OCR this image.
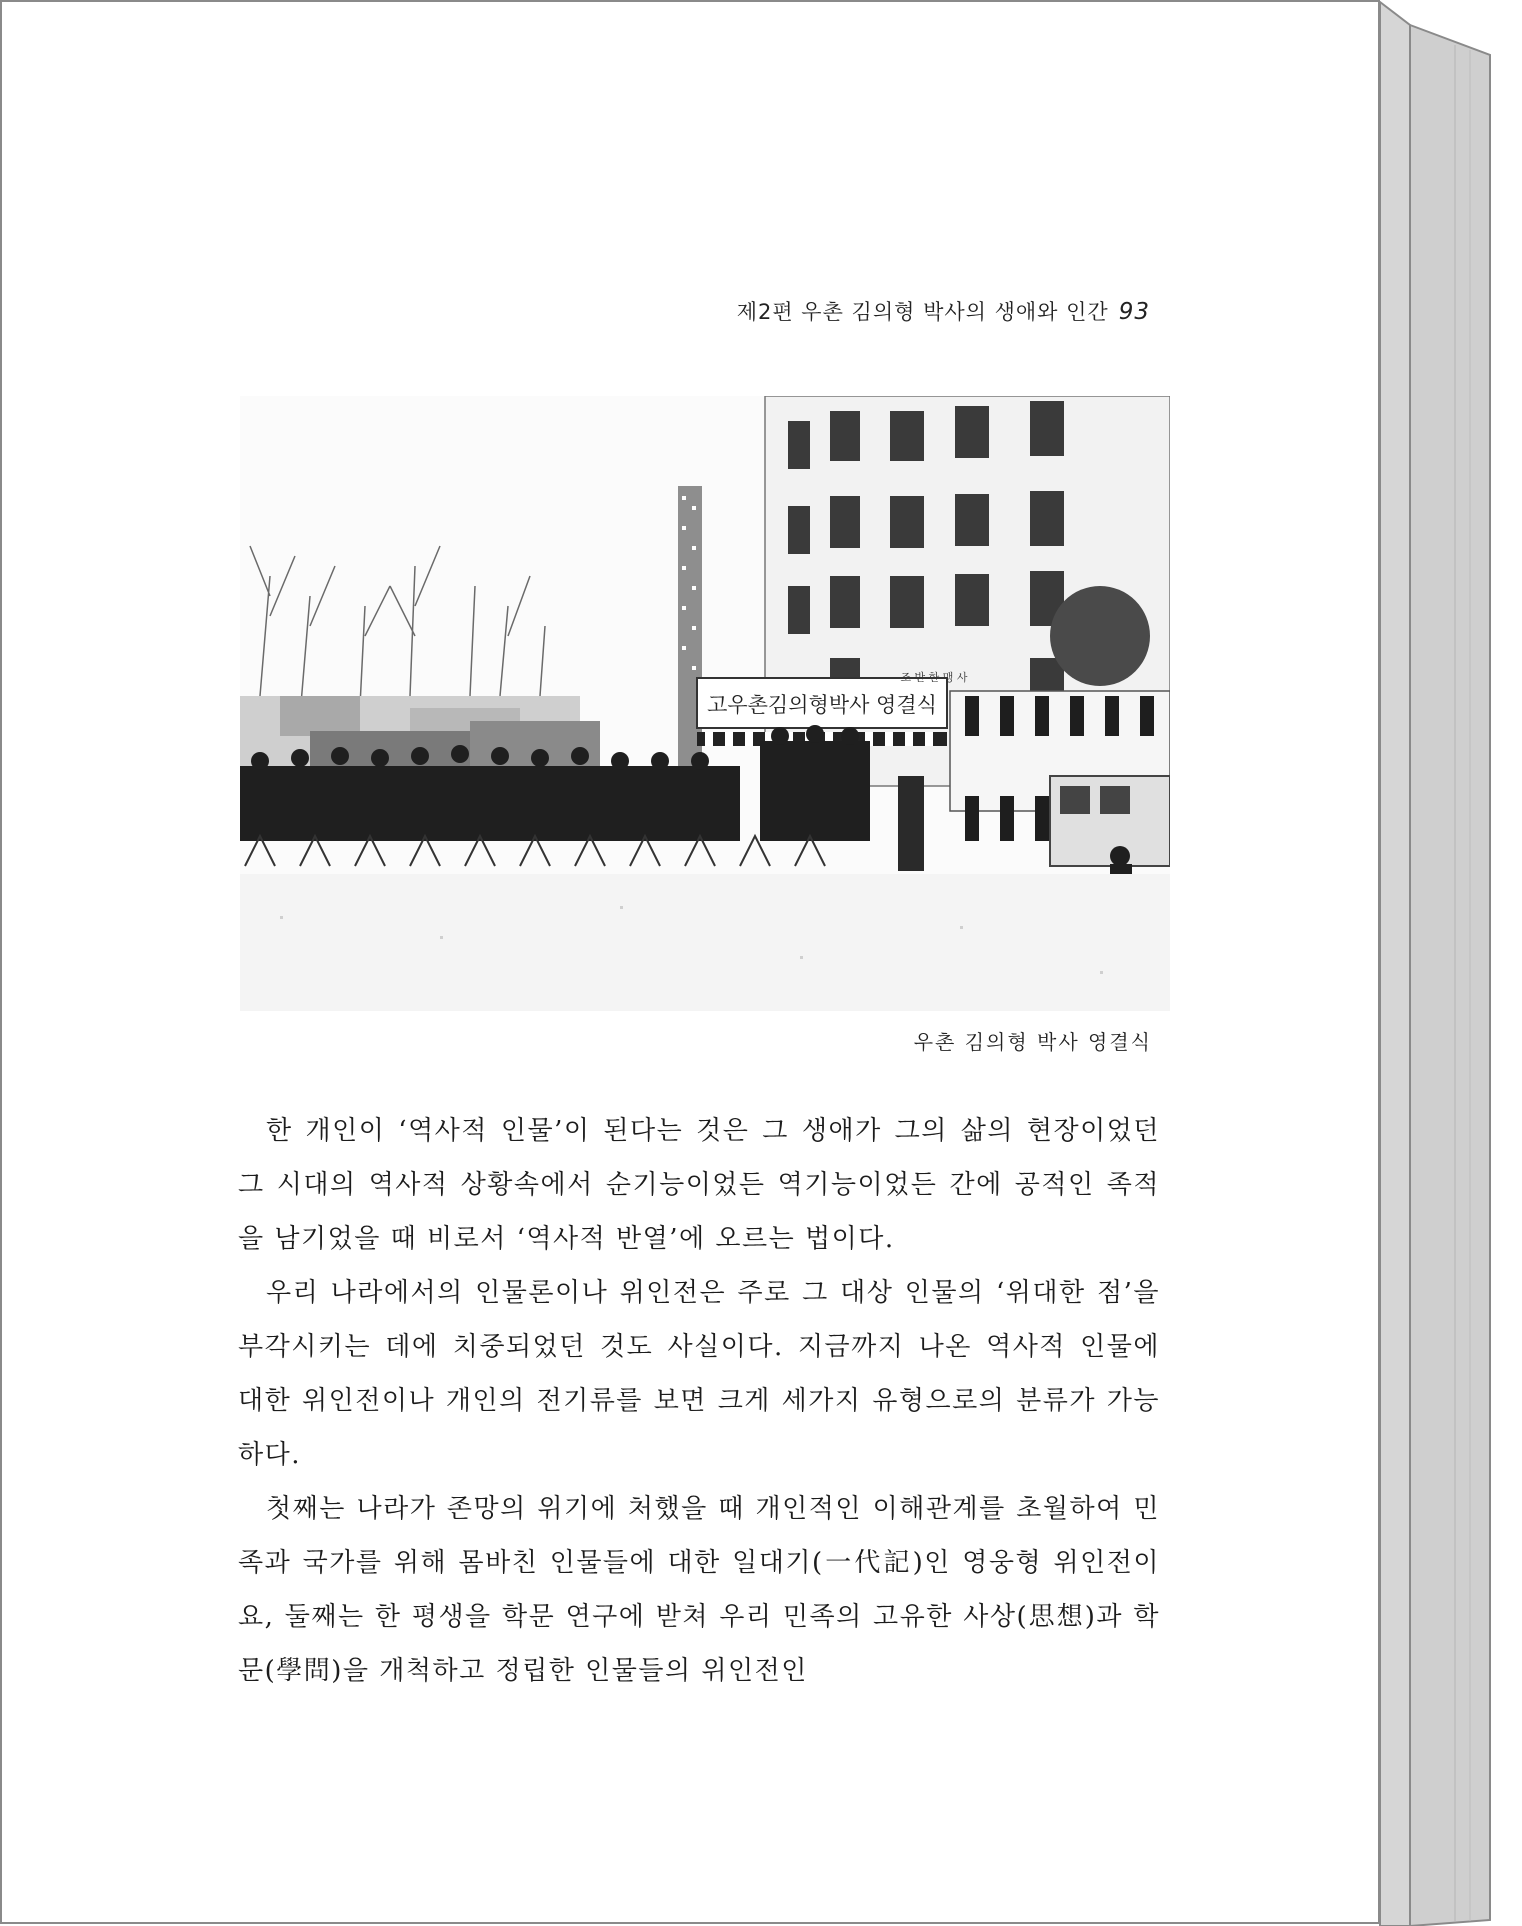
제2편 우촌 김의형 박사의 생애와 인간 93
고우촌김의형박사 영결식
조 반 한 맹 사
우촌 김의형 박사 영결식

한 개인이 ‘역사적 인물’이 된다는 것은 그 생애가 그의 삶의 현장이었던 그 시대의 역사적 상황속에서 순기능이었든 역기능이었든 간에 공적인 족적을 남기었을 때 비로서 ‘역사적 반열’에 오르는 법이다.

우리 나라에서의 인물론이나 위인전은 주로 그 대상 인물의 ‘위대한 점’을 부각시키는 데에 치중되었던 것도 사실이다. 지금까지 나온 역사적 인물에 대한 위인전이나 개인의 전기류를 보면 크게 세가지 유형으로의 분류가 가능하다.

첫째는 나라가 존망의 위기에 처했을 때 개인적인 이해관계를 초월하여 민족과 국가를 위해 몸바친 인물들에 대한 일대기(一代記)인 영웅형 위인전이요, 둘째는 한 평생을 학문 연구에 받쳐 우리 민족의 고유한 사상(思想)과 학문(學問)을 개척하고 정립한 인물들의 위인전인
